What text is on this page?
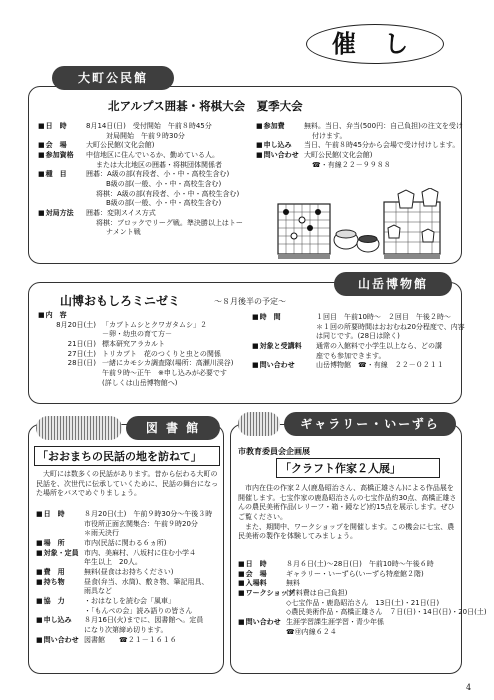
催 し
大町公民館
北アルプス囲碁・将棋大会　夏季大会
■ 日　時	8月14日(日)　受付開始　午前８時45分
対局開始　午前９時30分
■ 会　場	大町公民館(文化会館)
■ 参加資格	中信地区に住んでいるか、勤めている人。
または大北地区の囲碁・将棋団体関係者
■ 種　目	囲碁：A級の部(有段者、小・中・高校生含む)
B級の部(一般、小・中・高校生含む)
将棋：A級の部(有段者、小・中・高校生含む)
B級の部(一般、小・中・高校生含む)
■ 対局方法	囲碁：変則スイス方式
将棋：ブロックでリーグ戦。準決勝以上はトー
ナメント戦
■ 参加費	無料。当日、弁当(500円：自己負担)の注文を受け
付けます。
■ 申し込み	当日、午前８時45分から会場で受け付けします。
■ 問い合わせ 大町公民館(文化会館)
☎・有線２２－９９８８
山岳博物館
山博おもしろミニゼミ	～８月後半の予定～
■ 内　容
8月20日(土) 「カブトムシとクワガタムシ」２
－卵・幼虫の育て方－
21日(日) 標本研究アラカルト
27日(土) トリカブト　花のつくりと虫との関係
28日(日) 一緒にカモシカ調査隊(場所：高瀬川渓谷)
午前９時～正午　※申し込みが必要です
(詳しくは山岳博物館へ)
■ 時　間	１回目　午前10時～　２回目　午後２時～
＊１回の所要時間はおおむね20分程度で、内容
は同じです。(28日は除く)
■ 対象と受講料	通常の入館料で小学生以上なら、どの講
座でも参加できます。
■ 問い合わせ	山岳博物館　☎・有線　２２－０２１１
図 書 館
「おおまちの民話の地を訪ねて」
　大町には数多くの民話があります。昔から伝わる大町の民話を、次世代に伝承していくために、民話の舞台になった場所をバスでめぐりましょう。
■ 日　時	８月20日(土)　午前９時30分～午後３時
市役所正面玄関集合：午前９時20分
＊雨天決行
■ 場　所	市内(民話に関わる６ヵ所)
■ 対象・定員 市内、美麻村、八坂村に住む小学４
年生以上　20人。
■ 費　用	無料(昼食はお持ちください)
■ 持ち物	昼食(弁当、水筒)、敷き物、筆記用具、
雨具など
■ 協　力	・おはなしを読む会「風車」
・「もんぺの会」読み語りの皆さん
■ 申し込み	８月16日(火)までに、図書館へ。定員
になり次第締め切ります。
■ 問い合わせ 図書館　　☎２１－１６１６
ギャラリー・いーずら
市教育委員会企画展
「クラフト作家２人展」
　市内在住の作家２人(鹿島昭治さん、高橋正雄さん)による作品展を開催します。七宝作家の鹿島昭治さんの七宝作品約30点、高橋正雄さんの農民美術作品(レリーフ・箱・鏡など)約15点を展示します。ぜひご覧ください。
　また、期間中、ワークショップを開催します。この機会に七宝、農民美術の製作を体験してみましょう。
■ 日　時	８月６日(土)～28日(日)　午前10時～午後６時
■ 会　場	ギャラリー・いーずら(いーずら特産館２階)
■ 入場料	無料
■ ワークショップ
(材料費は自己負担)
◇七宝作品・鹿島昭治さん　13日(土)・21日(日)
◇農民美術作品・高橋正雄さん　７日(日)・14日(日)・20日(土)
■ 問い合わせ 生涯学習課生涯学習・青少年係
☎㊥内線６２４
4
